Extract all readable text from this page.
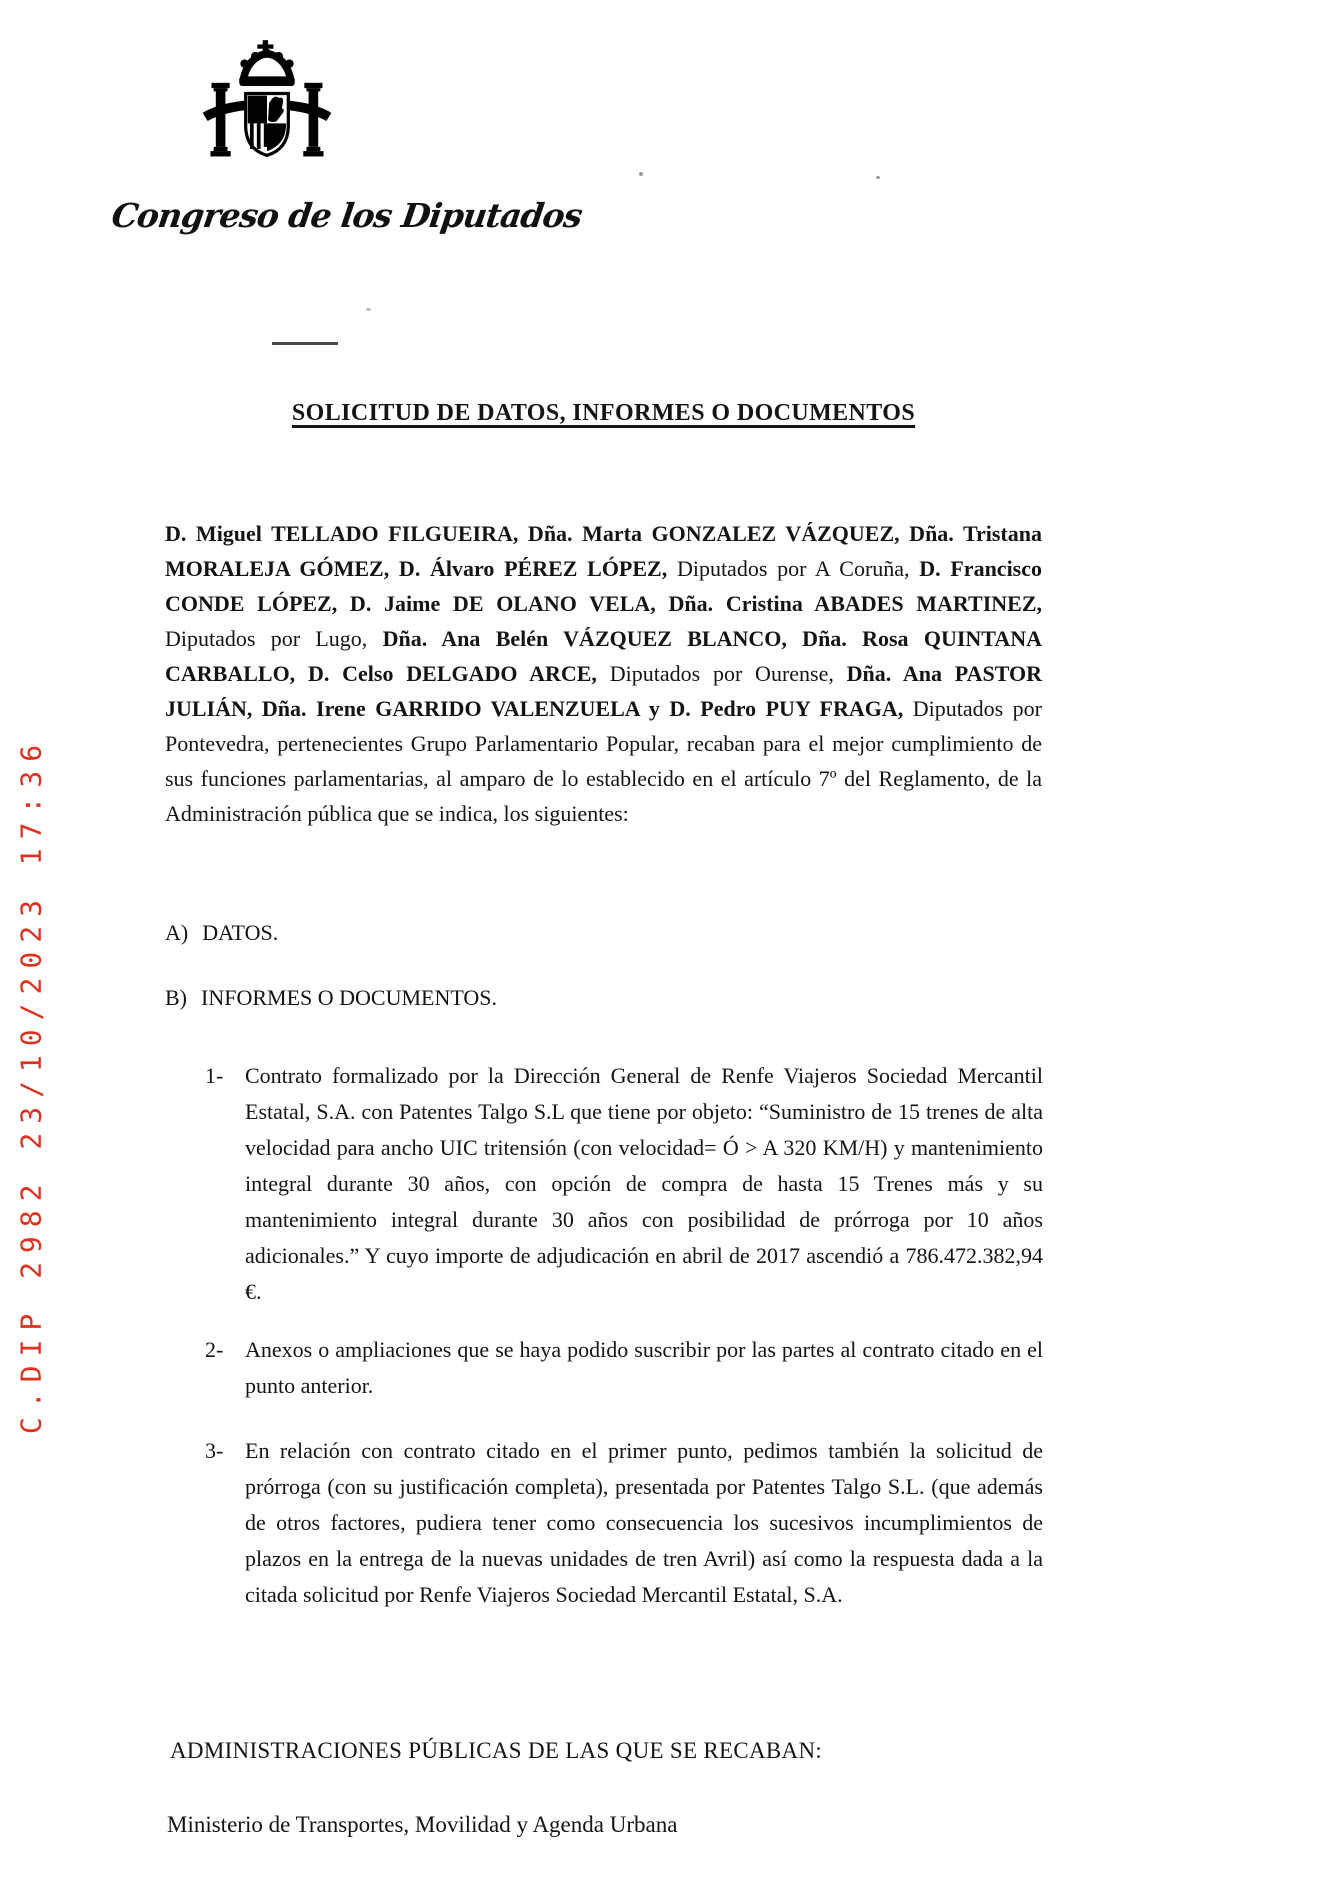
Congreso de los Diputados
C.DIP 2982 23/10/2023 17:36
SOLICITUD DE DATOS, INFORMES O DOCUMENTOS

D. Miguel TELLADO FILGUEIRA, Dña. Marta GONZALEZ VÁZQUEZ, Dña. Tristana MORALEJA GÓMEZ, D. Álvaro PÉREZ LÓPEZ, Diputados por A Coruña, D. Francisco CONDE LÓPEZ, D. Jaime DE OLANO VELA, Dña. Cristina ABADES MARTINEZ, Diputados por Lugo, Dña. Ana Belén VÁZQUEZ BLANCO, Dña. Rosa QUINTANA CARBALLO, D. Celso DELGADO ARCE, Diputados por Ourense, Dña. Ana PASTOR JULIÁN, Dña. Irene GARRIDO VALENZUELA y D. Pedro PUY FRAGA, Diputados por Pontevedra, pertenecientes Grupo Parlamentario Popular, recaban para el mejor cumplimiento de sus funciones parlamentarias, al amparo de lo establecido en el artículo 7º del Reglamento, de la Administración pública que se indica, los siguientes:

A) DATOS.
B) INFORMES O DOCUMENTOS.
1- Contrato formalizado por la Dirección General de Renfe Viajeros Sociedad Mercantil Estatal, S.A. con Patentes Talgo S.L que tiene por objeto: “Suministro de 15 trenes de alta velocidad para ancho UIC tritensión (con velocidad= Ó > A 320 KM/H) y mantenimiento integral durante 30 años, con opción de compra de hasta 15 Trenes más y su mantenimiento integral durante 30 años con posibilidad de prórroga por 10 años adicionales.” Y cuyo importe de adjudicación en abril de 2017 ascendió a 786.472.382,94 €.
2- Anexos o ampliaciones que se haya podido suscribir por las partes al contrato citado en el punto anterior.
3- En relación con contrato citado en el primer punto, pedimos también la solicitud de prórroga (con su justificación completa), presentada por Patentes Talgo S.L. (que además de otros factores, pudiera tener como consecuencia los sucesivos incumplimientos de plazos en la entrega de la nuevas unidades de tren Avril) así como la respuesta dada a la citada solicitud por Renfe Viajeros Sociedad Mercantil Estatal, S.A.
ADMINISTRACIONES PÚBLICAS DE LAS QUE SE RECABAN:
Ministerio de Transportes, Movilidad y Agenda Urbana
